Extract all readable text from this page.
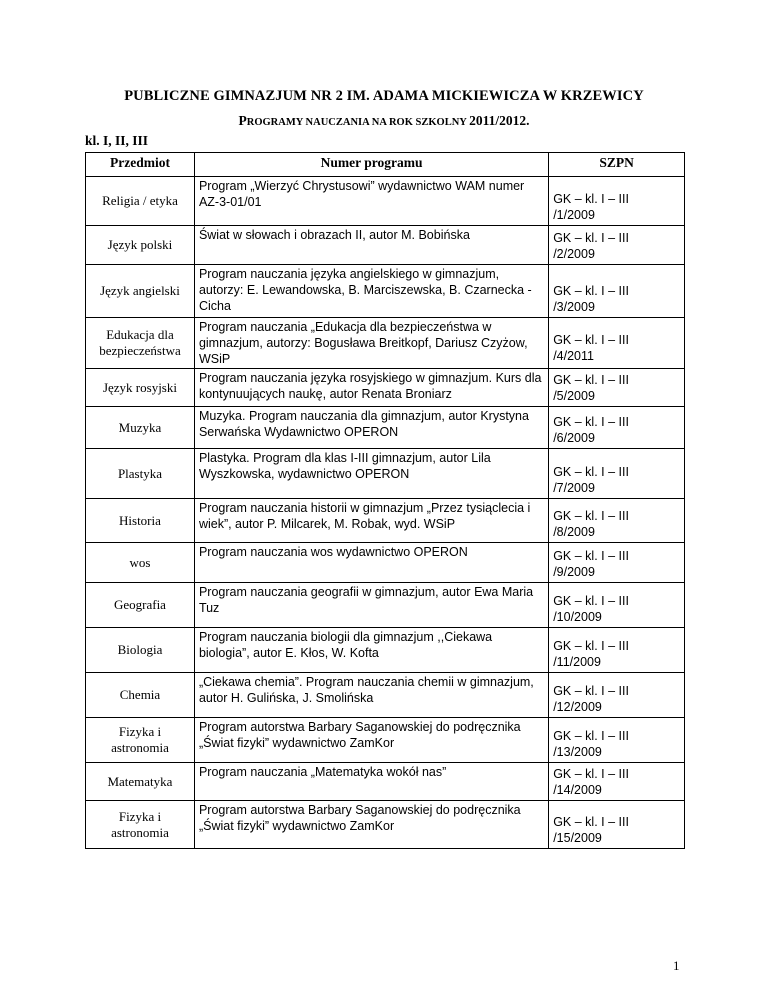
PUBLICZNE GIMNAZJUM NR 2 IM. ADAMA MICKIEWICZA W KRZEWICY
PROGRAMY NAUCZANIA NA ROK SZKOLNY 2011/2012.
kl. I, II, III
Przedmiot	Numer programu	SZPN
Religia / etyka	Program „Wierzyć Chrystusowi” wydawnictwo WAM numer AZ-3-01/01	GK – kl. I – III
/1/2009

Język polski	Świat w słowach i obrazach II, autor M. Bobińska	GK – kl. I – III
/2/2009

Język angielski	Program nauczania języka angielskiego w gimnazjum, autorzy: E. Lewandowska, B. Marciszewska, B. Czarnecka - Cicha	GK – kl. I – III
/3/2009

Edukacja dla bezpieczeństwa	Program nauczania „Edukacja dla bezpieczeństwa w gimnazjum, autorzy: Bogusława Breitkopf, Dariusz Czyżow, WSiP	GK – kl. I – III
/4/2011

Język rosyjski	Program nauczania języka rosyjskiego w gimnazjum. Kurs dla kontynuujących naukę, autor Renata Broniarz	GK – kl. I – III
/5/2009

Muzyka	Muzyka. Program nauczania dla gimnazjum, autor Krystyna Serwańska Wydawnictwo OPERON	GK – kl. I – III
/6/2009

Plastyka	Plastyka. Program dla klas I-III gimnazjum, autor Lila Wyszkowska, wydawnictwo OPERON	GK – kl. I – III
/7/2009

Historia	Program nauczania historii w gimnazjum „Przez tysiąclecia i wiek”, autor P. Milcarek, M. Robak, wyd. WSiP	GK – kl. I – III
/8/2009

wos	Program nauczania wos wydawnictwo OPERON	GK – kl. I – III
/9/2009

Geografia	Program nauczania geografii w gimnazjum, autor Ewa Maria Tuz	GK – kl. I – III
/10/2009

Biologia	Program nauczania biologii dla gimnazjum ,,Ciekawa biologia”, autor E. Kłos, W. Kofta	GK – kl. I – III
/11/2009

Chemia	„Ciekawa chemia”. Program nauczania chemii w gimnazjum, autor H. Gulińska, J. Smolińska	GK – kl. I – III
/12/2009

Fizyka i astronomia	Program autorstwa Barbary Saganowskiej do podręcznika „Świat fizyki” wydawnictwo ZamKor	GK – kl. I – III
/13/2009

Matematyka	Program nauczania „Matematyka wokół nas”	GK – kl. I – III
/14/2009

Fizyka i astronomia	Program autorstwa Barbary Saganowskiej do podręcznika „Świat fizyki” wydawnictwo ZamKor	GK – kl. I – III
/15/2009
1
